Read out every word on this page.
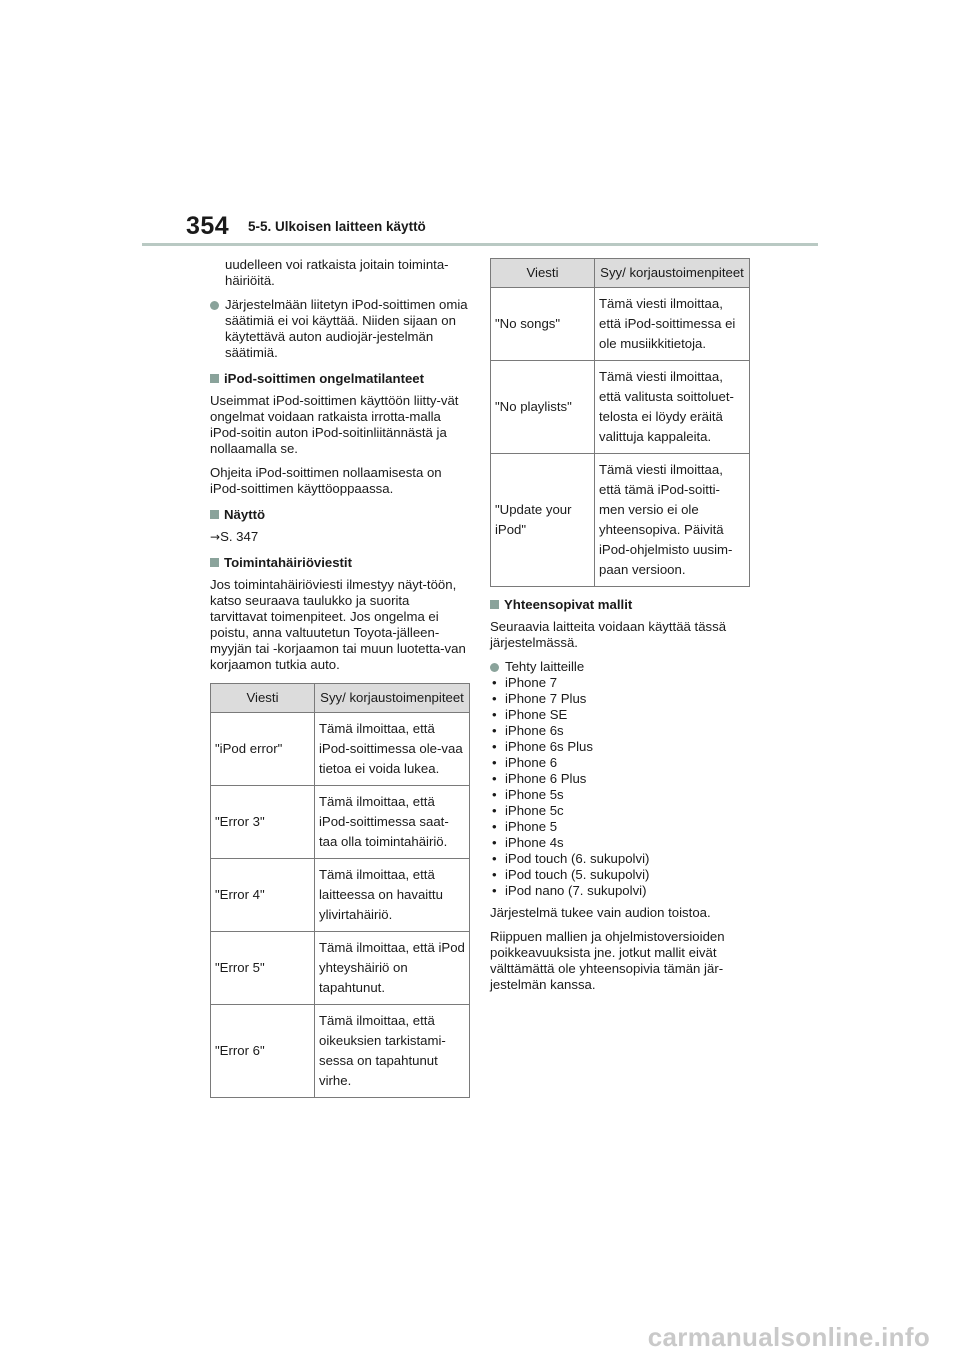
354 5-5. Ulkoisen laitteen käyttö

uudelleen voi ratkaista joitain toiminta-häiriöitä.

Järjestelmään liitetyn iPod-soittimen omia säätimiä ei voi käyttää. Niiden sijaan on käytettävä auton audiojär-jestelmän säätimiä.
iPod-soittimen ongelmatilanteet

Useimmat iPod-soittimen käyttöön liitty-vät ongelmat voidaan ratkaista irrotta-malla iPod-soitin auton iPod-soitinliitännästä ja nollaamalla se.

Ohjeita iPod-soittimen nollaamisesta on iPod-soittimen käyttöoppaassa.

Näyttö

→S. 347

Toimintahäiriöviestit

Jos toimintahäiriöviesti ilmestyy näyt-töön, katso seuraava taulukko ja suorita tarvittavat toimenpiteet. Jos ongelma ei poistu, anna valtuutetun Toyota-jälleen-myyjän tai -korjaamon tai muun luotetta-van korjaamon tutkia auto.

Viesti	Syy/ korjaustoimenpiteet
"iPod error"	Tämä ilmoittaa, että iPod-soittimessa ole-vaa tietoa ei voida lukea.
"Error 3"	Tämä ilmoittaa, että iPod-soittimessa saat-taa olla toimintahäiriö.
"Error 4"	Tämä ilmoittaa, että laitteessa on havaittu ylivirtahäiriö.
"Error 5"	Tämä ilmoittaa, että iPod yhteyshäiriö on tapahtunut.
"Error 6"	Tämä ilmoittaa, että oikeuksien tarkistami-sessa on tapahtunut virhe.
Viesti	Syy/ korjaustoimenpiteet
"No songs"	Tämä viesti ilmoittaa, että iPod-soittimessa ei ole musiikkitietoja.
"No playlists"	Tämä viesti ilmoittaa, että valitusta soittoluet-telosta ei löydy eräitä valittuja kappaleita.
"Update your iPod"	Tämä viesti ilmoittaa, että tämä iPod-soitti-men versio ei ole yhteensopiva. Päivitä iPod-ohjelmisto uusim-paan versioon.
Yhteensopivat mallit

Seuraavia laitteita voidaan käyttää tässä järjestelmässä.

Tehty laitteille
• iPhone 7
• iPhone 7 Plus
• iPhone SE
• iPhone 6s
• iPhone 6s Plus
• iPhone 6
• iPhone 6 Plus
• iPhone 5s
• iPhone 5c
• iPhone 5
• iPhone 4s
• iPod touch (6. sukupolvi)
• iPod touch (5. sukupolvi)
• iPod nano (7. sukupolvi)

Järjestelmä tukee vain audion toistoa.

Riippuen mallien ja ohjelmistoversioiden poikkeavuuksista jne. jotkut mallit eivät välttämättä ole yhteensopivia tämän jär-jestelmän kanssa.

carmanualsonline.info
